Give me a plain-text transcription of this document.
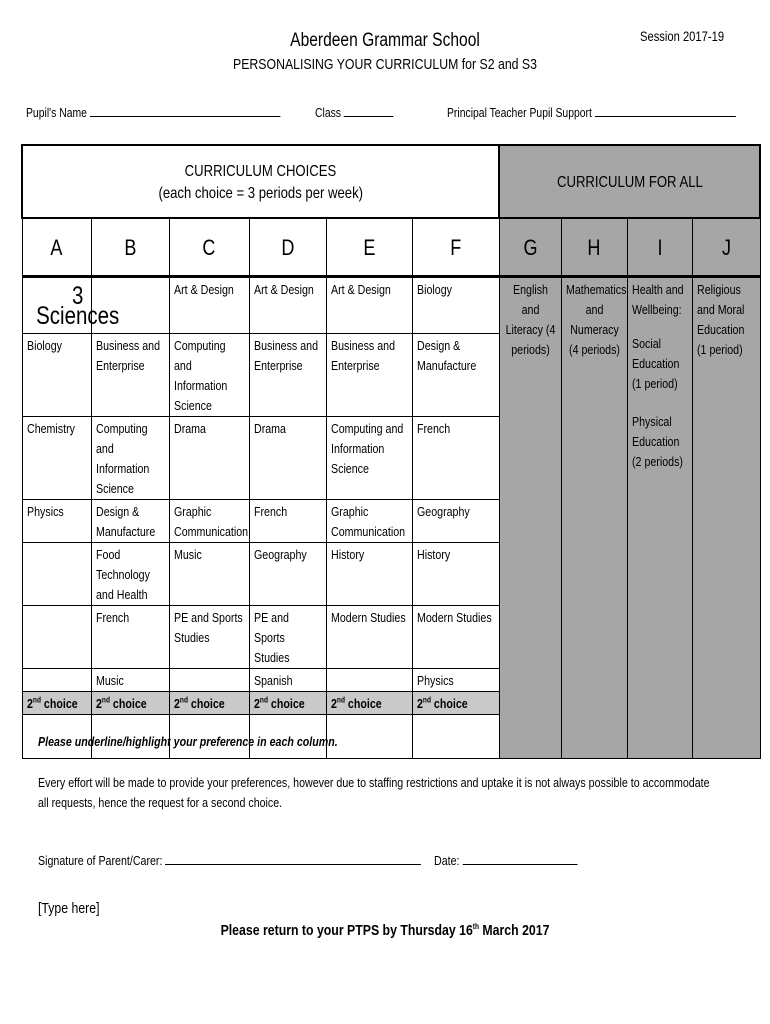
Aberdeen Grammar School	Session 2017-19
PERSONALISING YOUR CURRICULUM for S2 and S3
Pupil's Name	Class	Principal Teacher Pupil Support
CURRICULUM CHOICES
(each choice = 3 periods per week)						CURRICULUM FOR ALL			
A	B	C	D	E	F	G	H	I	J
3 Sciences		Art & Design	Art & Design	Art & Design	Biology	English and Literacy (4 periods)	Mathematics and Numeracy (4 periods)	Health and Wellbeing:
Social Education (1 period)
Physical Education (2 periods)	Religious and Moral Education (1 period)

Biology	Business and Enterprise	Computing and Information Science	Business and Enterprise	Business and Enterprise	Design & Manufacture				

Chemistry	Computing and Information Science	Drama	Drama	Computing and Information Science	French				

Physics	Design & Manufacture	Graphic Communication	French	Graphic Communication	Geography				

	Food Technology and Health	Music	Geography	History	History				

	French	PE and Sports Studies	PE and Sports Studies	Modern Studies	Modern Studies				

	Music		Spanish		Physics				

2nd choice	2nd choice	2nd choice	2nd choice	2nd choice	2nd choice				

Please underline/highlight your preference in each column.
Every effort will be made to provide your preferences, however due to staffing restrictions and uptake it is not always possible to accommodate all requests, hence the request for a second choice.
Signature of Parent/Carer:	Date:
[Type here]
Please return to your PTPS by Thursday 16th March 2017
